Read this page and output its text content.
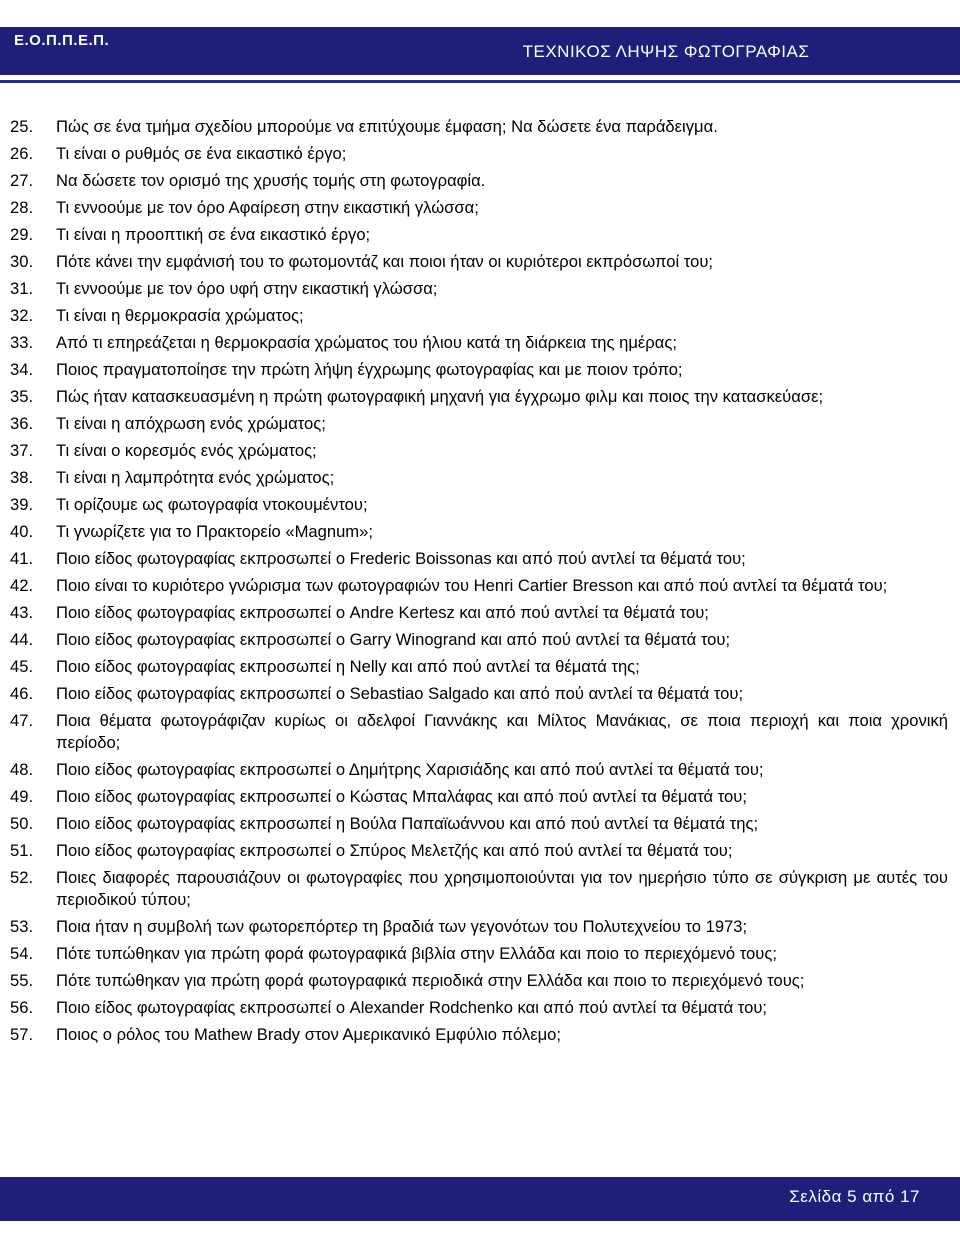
Ε.Ο.Π.Π.Ε.Π.
ΤΕΧΝΙΚΟΣ ΛΗΨΗΣ ΦΩΤΟΓΡΑΦΙΑΣ
25.	Πώς σε ένα τμήμα σχεδίου μπορούμε να επιτύχουμε έμφαση; Να δώσετε ένα παράδειγμα.
26.	Τι είναι ο ρυθμός σε ένα εικαστικό έργο;
27.	Να δώσετε τον ορισμό της χρυσής τομής στη φωτογραφία.
28.	Τι εννοούμε με τον όρο Αφαίρεση στην εικαστική γλώσσα;
29.	Τι είναι η προοπτική σε ένα εικαστικό έργο;
30.	Πότε κάνει την εμφάνισή του το φωτομοντάζ και ποιοι ήταν οι κυριότεροι εκπρόσωποί του;
31.	Τι εννοούμε με τον όρο υφή στην εικαστική γλώσσα;
32.	Τι είναι η θερμοκρασία χρώματος;
33.	Από τι επηρεάζεται η θερμοκρασία χρώματος του ήλιου κατά τη διάρκεια της ημέρας;
34.	Ποιος πραγματοποίησε την πρώτη λήψη έγχρωμης φωτογραφίας και με ποιον τρόπο;
35.	Πώς ήταν κατασκευασμένη η πρώτη φωτογραφική μηχανή για έγχρωμο φιλμ και ποιος την κατασκεύασε;
36.	Τι είναι η απόχρωση ενός χρώματος;
37.	Τι είναι ο κορεσμός ενός χρώματος;
38.	Τι είναι η λαμπρότητα ενός χρώματος;
39.	Τι ορίζουμε ως φωτογραφία ντοκουμέντου;
40.	Τι γνωρίζετε για το Πρακτορείο «Magnum»;
41.	Ποιο είδος φωτογραφίας εκπροσωπεί ο Frederic Boissonas και από πού αντλεί τα θέματά του;
42.	Ποιο είναι το κυριότερο γνώρισμα των φωτογραφιών του Henri Cartier Bresson και από πού αντλεί τα θέματά του;
43.	Ποιο είδος φωτογραφίας εκπροσωπεί ο Andre Kertesz και από πού αντλεί τα θέματά του;
44.	Ποιο είδος φωτογραφίας εκπροσωπεί ο Garry Winogrand και από πού αντλεί τα θέματά του;
45.	Ποιο είδος φωτογραφίας εκπροσωπεί η Nelly και από πού αντλεί τα θέματά της;
46.	Ποιο είδος φωτογραφίας εκπροσωπεί ο Sebastiao Salgado και από πού αντλεί τα θέματά του;
47.	Ποια θέματα φωτογράφιζαν κυρίως οι αδελφοί Γιαννάκης και Μίλτος Μανάκιας, σε ποια περιοχή και ποια χρονική περίοδο;
48.	Ποιο είδος φωτογραφίας εκπροσωπεί ο Δημήτρης Χαρισιάδης και από πού αντλεί τα θέματά του;
49.	Ποιο είδος φωτογραφίας εκπροσωπεί ο Κώστας Μπαλάφας και από πού αντλεί τα θέματά του;
50.	Ποιο είδος φωτογραφίας εκπροσωπεί η Βούλα Παπαϊωάννου και από πού αντλεί τα θέματά της;
51.	Ποιο είδος φωτογραφίας εκπροσωπεί ο Σπύρος Μελετζής και από πού αντλεί τα θέματά του;
52.	Ποιες διαφορές παρουσιάζουν οι φωτογραφίες που χρησιμοποιούνται για τον ημερήσιο τύπο σε σύγκριση με αυτές του περιοδικού τύπου;
53.	Ποια ήταν η συμβολή των φωτορεπόρτερ τη βραδιά των γεγονότων του Πολυτεχνείου το 1973;
54.	Πότε τυπώθηκαν για πρώτη φορά φωτογραφικά βιβλία στην Ελλάδα και ποιο το περιεχόμενό τους;
55.	Πότε τυπώθηκαν για πρώτη φορά φωτογραφικά περιοδικά στην Ελλάδα και ποιο το περιεχόμενό τους;
56.	Ποιο είδος φωτογραφίας εκπροσωπεί ο Alexander Rodchenko και από πού αντλεί τα θέματά του;
57.	Ποιος ο ρόλος του Mathew Brady στον Αμερικανικό Εμφύλιο πόλεμο;
Σελίδα 5 από 17
